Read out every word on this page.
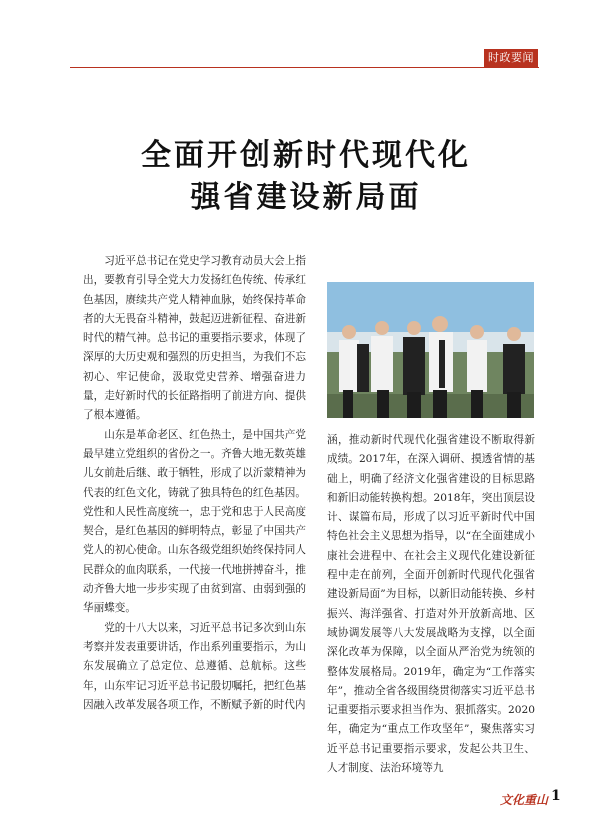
时政要闻
全面开创新时代现代化
强省建设新局面

习近平总书记在党史学习教育动员大会上指出，要教育引导全党大力发扬红色传统、传承红色基因，赓续共产党人精神血脉，始终保持革命者的大无畏奋斗精神，鼓起迈进新征程、奋进新时代的精气神。总书记的重要指示要求，体现了深厚的大历史观和强烈的历史担当，为我们不忘初心、牢记使命，汲取党史营养、增强奋进力量，走好新时代的长征路指明了前进方向、提供了根本遵循。

山东是革命老区、红色热土，是中国共产党最早建立党组织的省份之一。齐鲁大地无数英雄儿女前赴后继、敢于牺牲，形成了以沂蒙精神为代表的红色文化，铸就了独具特色的红色基因。党性和人民性高度统一，忠于党和忠于人民高度契合，是红色基因的鲜明特点，彰显了中国共产党人的初心使命。山东各级党组织始终保持同人民群众的血肉联系，一代接一代地拼搏奋斗，推动齐鲁大地一步步实现了由贫到富、由弱到强的华丽蝶变。

党的十八大以来，习近平总书记多次到山东考察并发表重要讲话，作出系列重要指示，为山东发展确立了总定位、总遵循、总航标。这些年，山东牢记习近平总书记殷切嘱托，把红色基因融入改革发展各项工作，不断赋予新的时代内

涵，推动新时代现代化强省建设不断取得新成绩。2017年，在深入调研、摸透省情的基础上，明确了经济文化强省建设的目标思路和新旧动能转换构想。2018年，突出顶层设计、谋篇布局，形成了以习近平新时代中国特色社会主义思想为指导，以“在全面建成小康社会进程中、在社会主义现代化建设新征程中走在前列，全面开创新时代现代化强省建设新局面”为目标，以新旧动能转换、乡村振兴、海洋强省、打造对外开放新高地、区域协调发展等八大发展战略为支撑，以全面深化改革为保障，以全面从严治党为统领的整体发展格局。2019年，确定为“工作落实年”，推动全省各级围绕贯彻落实习近平总书记重要指示要求担当作为、狠抓落实。2020年，确定为“重点工作攻坚年”，聚焦落实习近平总书记重要指示要求，发起公共卫生、人才制度、法治环境等九

文化重山 1
